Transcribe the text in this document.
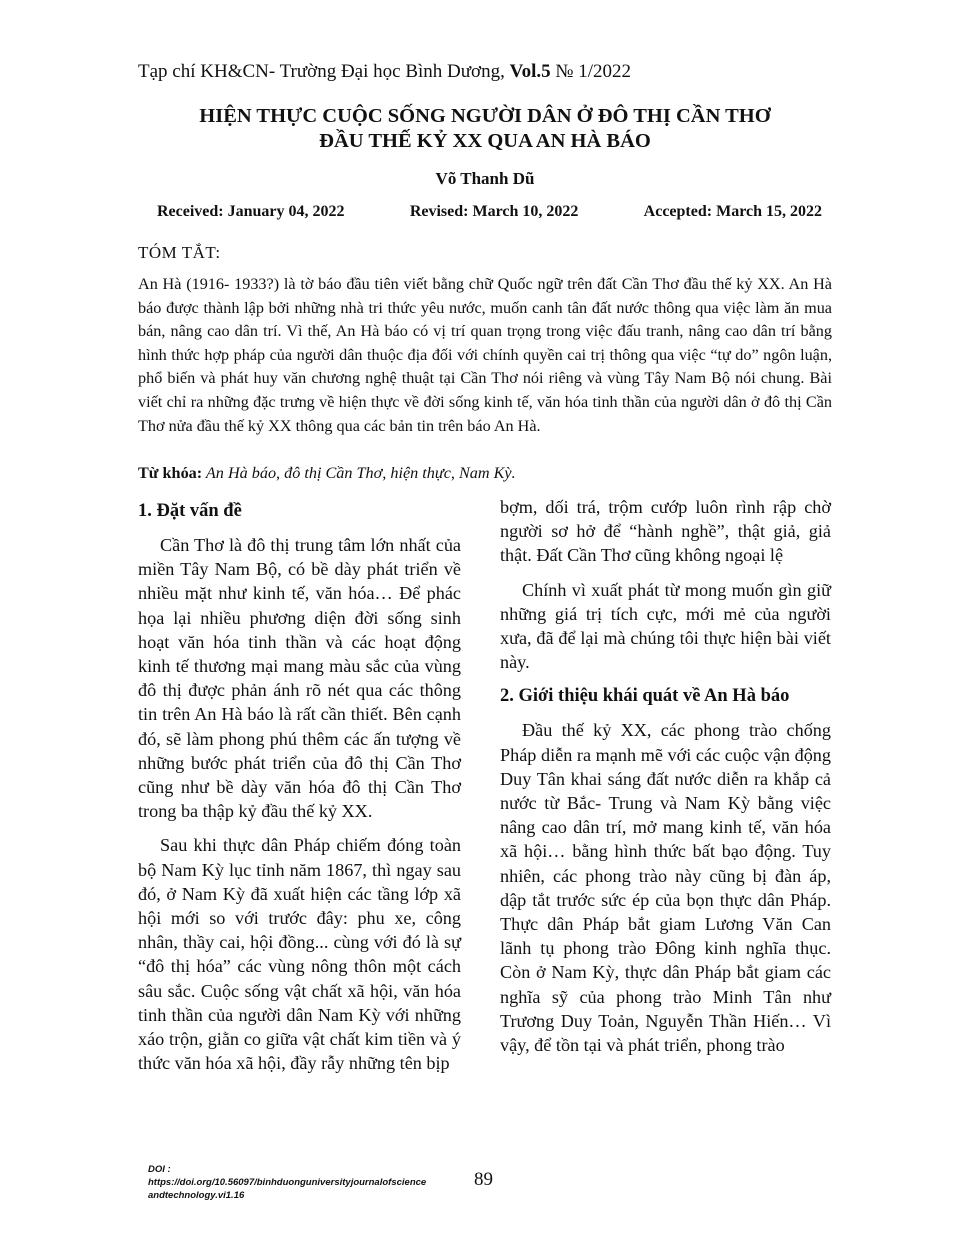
Tạp chí KH&CN- Trường Đại học Bình Dương, Vol.5 № 1/2022
HIỆN THỰC CUỘC SỐNG NGƯỜI DÂN Ở ĐÔ THỊ CẦN THƠ
ĐẦU THẾ KỶ XX QUA AN HÀ BÁO
Võ Thanh Dũ
Received: January 04, 2022	Revised: March 10, 2022	Accepted: March 15, 2022
TÓM TẮT:
An Hà (1916- 1933?) là tờ báo đầu tiên viết bằng chữ Quốc ngữ trên đất Cần Thơ đầu thế kỷ XX. An Hà báo được thành lập bởi những nhà tri thức yêu nước, muốn canh tân đất nước thông qua việc làm ăn mua bán, nâng cao dân trí. Vì thế, An Hà báo có vị trí quan trọng trong việc đấu tranh, nâng cao dân trí bằng hình thức hợp pháp của người dân thuộc địa đối với chính quyền cai trị thông qua việc “tự do” ngôn luận, phổ biến và phát huy văn chương nghệ thuật tại Cần Thơ nói riêng và vùng Tây Nam Bộ nói chung. Bài viết chỉ ra những đặc trưng về hiện thực về đời sống kinh tế, văn hóa tinh thần của người dân ở đô thị Cần Thơ nửa đầu thế kỷ XX thông qua các bản tin trên báo An Hà.
Từ khóa: An Hà báo, đô thị Cần Thơ, hiện thực, Nam Kỳ.
1. Đặt vấn đề

Cần Thơ là đô thị trung tâm lớn nhất của miền Tây Nam Bộ, có bề dày phát triển về nhiều mặt như kinh tế, văn hóa… Để phác họa lại nhiều phương diện đời sống sinh hoạt văn hóa tinh thần và các hoạt động kinh tế thương mại mang màu sắc của vùng đô thị được phản ánh rõ nét qua các thông tin trên An Hà báo là rất cần thiết. Bên cạnh đó, sẽ làm phong phú thêm các ấn tượng về những bước phát triển của đô thị Cần Thơ cũng như bề dày văn hóa đô thị Cần Thơ trong ba thập kỷ đầu thế kỷ XX.

Sau khi thực dân Pháp chiếm đóng toàn bộ Nam Kỳ lục tỉnh năm 1867, thì ngay sau đó, ở Nam Kỳ đã xuất hiện các tầng lớp xã hội mới so với trước đây: phu xe, công nhân, thầy cai, hội đồng... cùng với đó là sự “đô thị hóa” các vùng nông thôn một cách sâu sắc. Cuộc sống vật chất xã hội, văn hóa tinh thần của người dân Nam Kỳ với những xáo trộn, giằn co giữa vật chất kim tiền và ý thức văn hóa xã hội, đầy rẫy những tên bịp

bợm, dối trá, trộm cướp luôn rình rập chờ người sơ hở để “hành nghề”, thật giả, giả thật. Đất Cần Thơ cũng không ngoại lệ

Chính vì xuất phát từ mong muốn gìn giữ những giá trị tích cực, mới mẻ của người xưa, đã để lại mà chúng tôi thực hiện bài viết này.

2. Giới thiệu khái quát về An Hà báo

Đầu thế kỷ XX, các phong trào chống Pháp diễn ra mạnh mẽ với các cuộc vận động Duy Tân khai sáng đất nước diễn ra khắp cả nước từ Bắc- Trung và Nam Kỳ bằng việc nâng cao dân trí, mở mang kinh tế, văn hóa xã hội… bằng hình thức bất bạo động. Tuy nhiên, các phong trào này cũng bị đàn áp, dập tắt trước sức ép của bọn thực dân Pháp. Thực dân Pháp bắt giam Lương Văn Can lãnh tụ phong trào Đông kinh nghĩa thục. Còn ở Nam Kỳ, thực dân Pháp bắt giam các nghĩa sỹ của phong trào Minh Tân như Trương Duy Toản, Nguyễn Thần Hiến… Vì vậy, để tồn tại và phát triển, phong trào

DOI :
https://doi.org/10.56097/binhduonguniversityjournalofscience andtechnology.vi1.16
89
